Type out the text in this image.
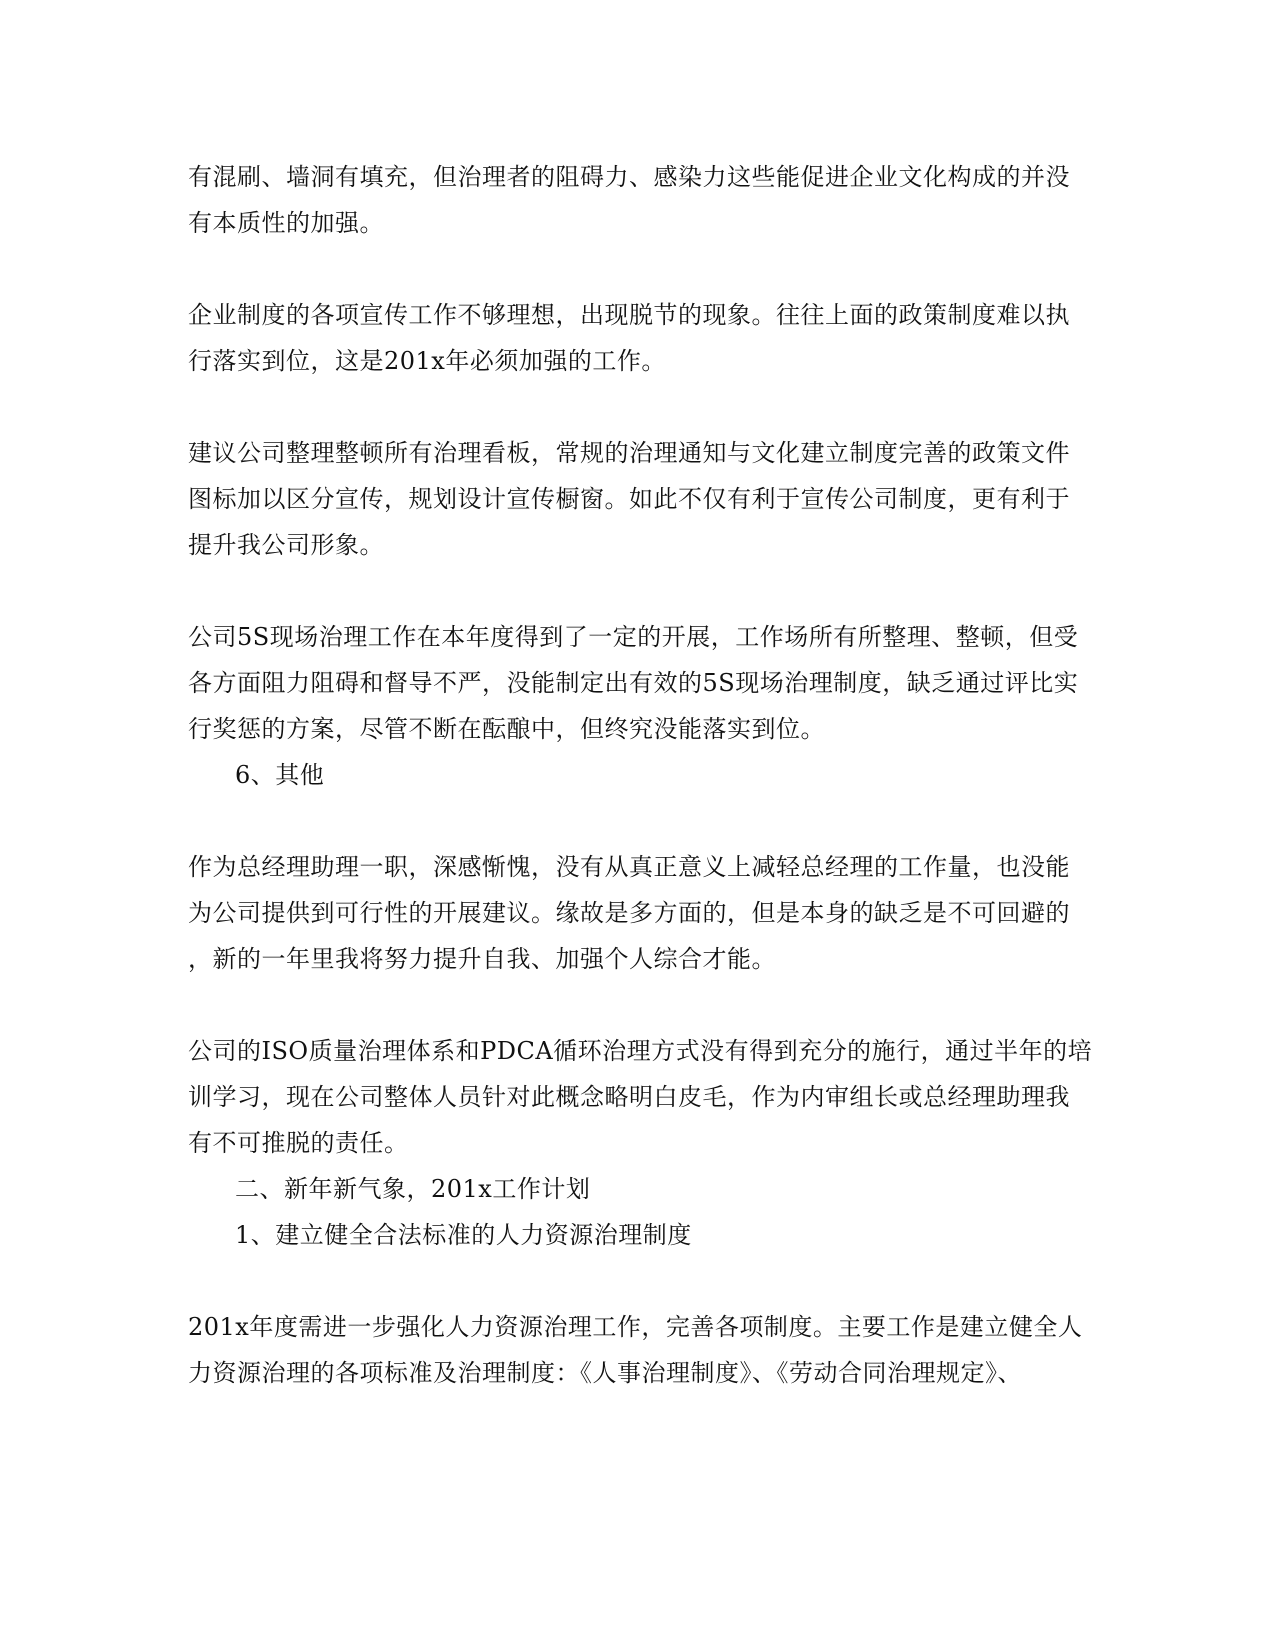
有混刷、墙洞有填充，但治理者的阻碍力、感染力这些能促进企业文化构成的并没
有本质性的加强。
企业制度的各项宣传工作不够理想，出现脱节的现象。往往上面的政策制度难以执
行落实到位，这是201x年必须加强的工作。
建议公司整理整顿所有治理看板，常规的治理通知与文化建立制度完善的政策文件
图标加以区分宣传，规划设计宣传橱窗。如此不仅有利于宣传公司制度，更有利于
提升我公司形象。
公司5S现场治理工作在本年度得到了一定的开展，工作场所有所整理、整顿，但受
各方面阻力阻碍和督导不严，没能制定出有效的5S现场治理制度，缺乏通过评比实
行奖惩的方案，尽管不断在酝酿中，但终究没能落实到位。
6、其他
作为总经理助理一职，深感惭愧，没有从真正意义上减轻总经理的工作量，也没能
为公司提供到可行性的开展建议。缘故是多方面的，但是本身的缺乏是不可回避的
，新的一年里我将努力提升自我、加强个人综合才能。
公司的ISO质量治理体系和PDCA循环治理方式没有得到充分的施行，通过半年的培
训学习，现在公司整体人员针对此概念略明白皮毛，作为内审组长或总经理助理我
有不可推脱的责任。
二、新年新气象，201x工作计划
1、建立健全合法标准的人力资源治理制度
201x年度需进一步强化人力资源治理工作，完善各项制度。主要工作是建立健全人
力资源治理的各项标准及治理制度：《人事治理制度》、《劳动合同治理规定》、
